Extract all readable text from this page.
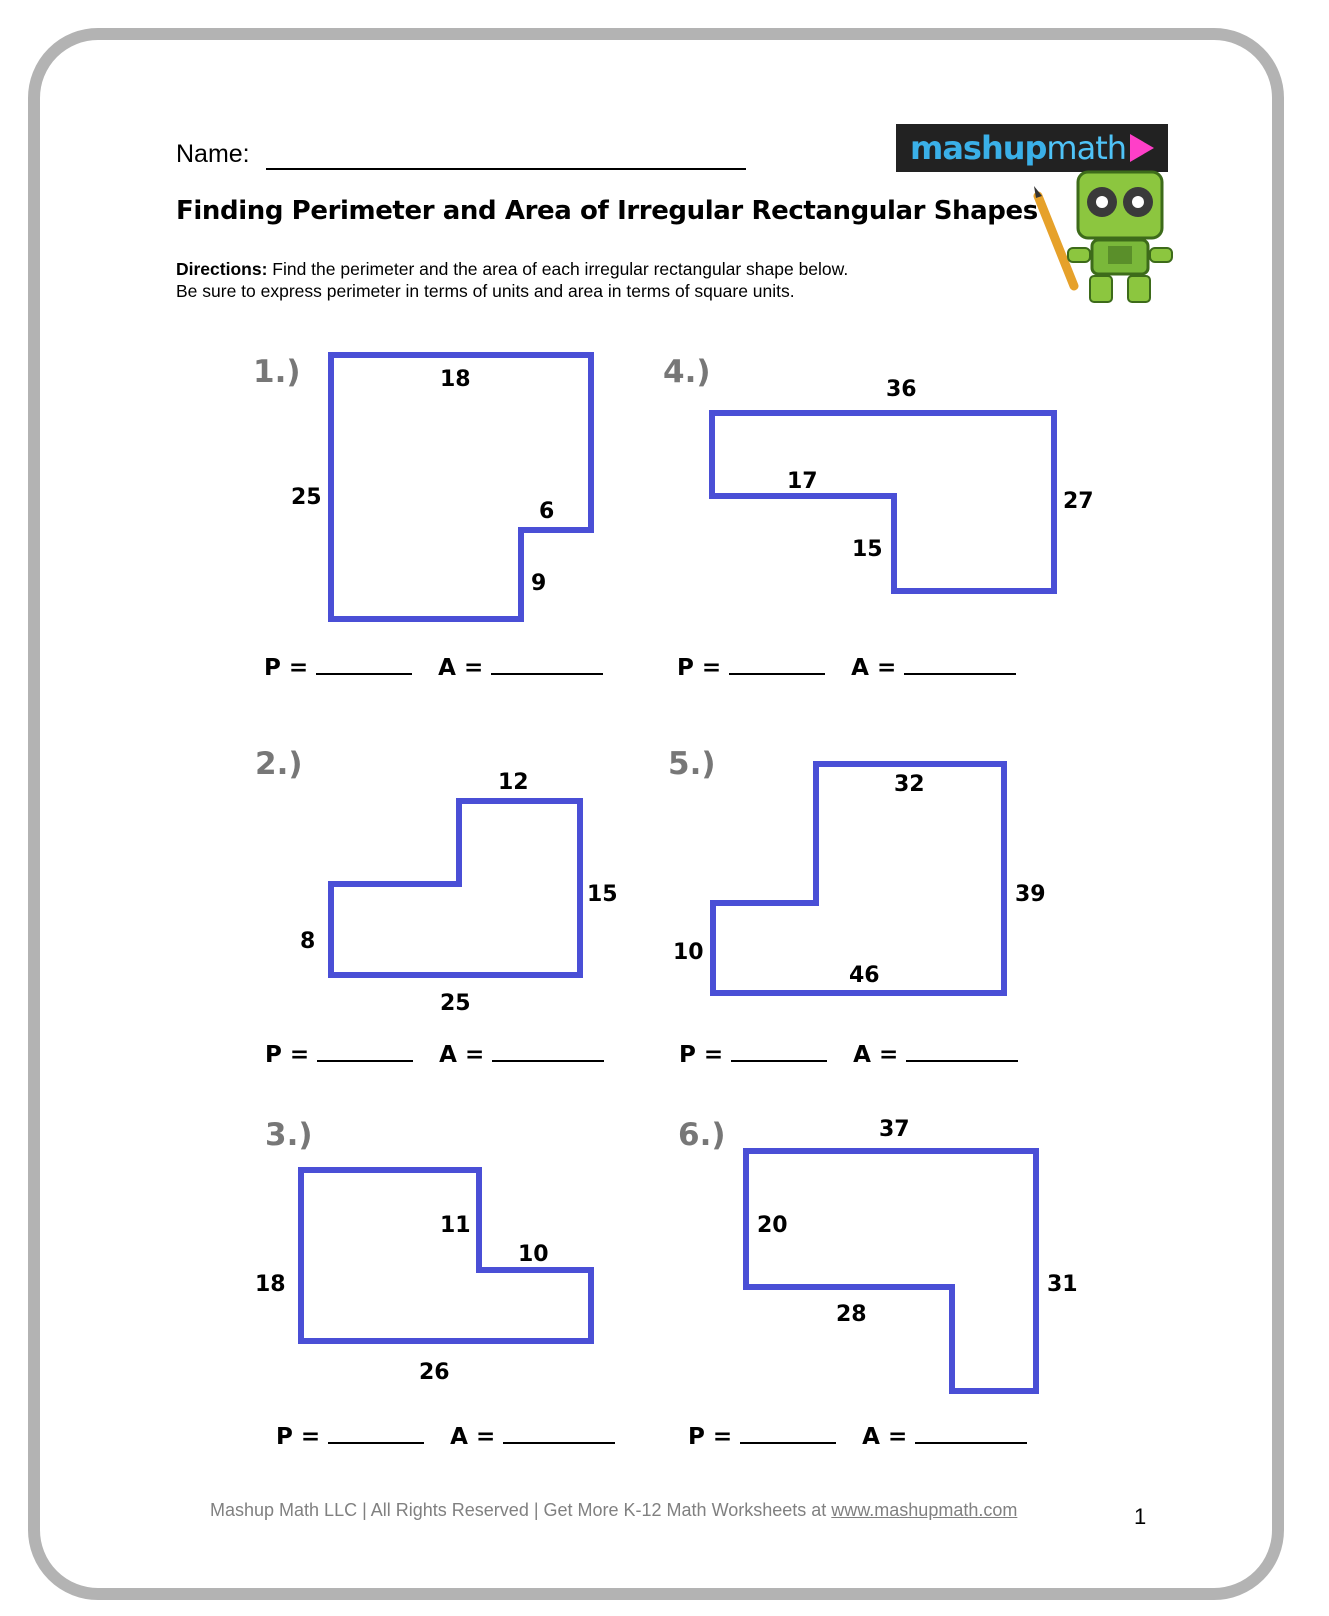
Name:	mashupmath
Finding Perimeter and Area of Irregular Rectangular Shapes
Directions: Find the perimeter and the area of each irregular rectangular shape below.
Be sure to express perimeter in terms of units and area in terms of square units.
1.)	18
25
6
9
P =	A =
4.)	36
17
27
15
P =	A =
2.)
12
15
8
25
P =	A =
5.)
32
39
10
46
P =	A =
3.)
11
10
18
26
P =	A =
6.)	37
20
31
28
P =	A =
Mashup Math LLC | All Rights Reserved | Get More K-12 Math Worksheets at www.mashupmath.com	1
